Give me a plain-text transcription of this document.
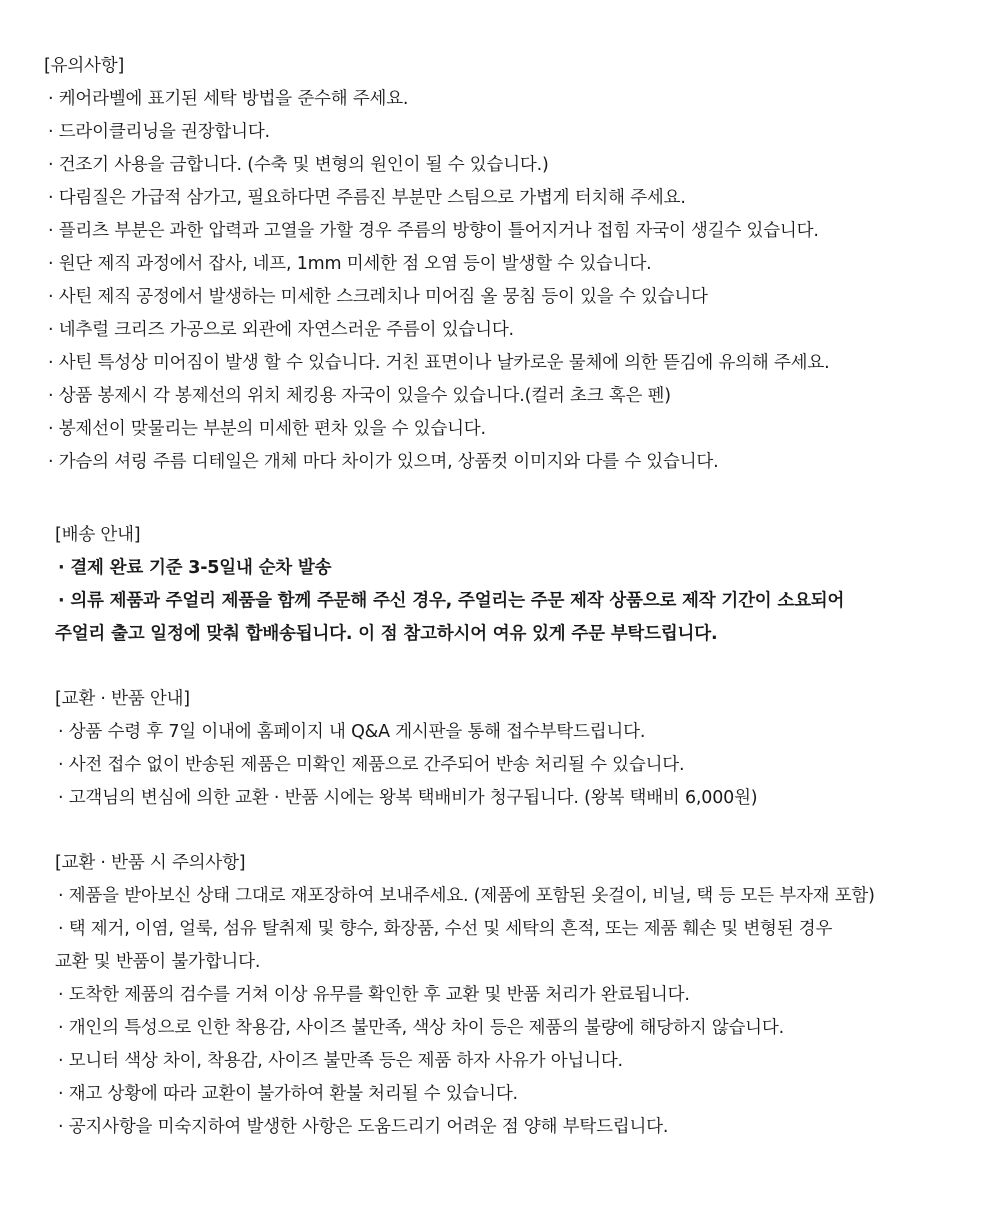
[유의사항]
· 케어라벨에 표기된 세탁 방법을 준수해 주세요.
· 드라이클리닝을 권장합니다.
· 건조기 사용을 금합니다. (수축 및 변형의 원인이 될 수 있습니다.)
· 다림질은 가급적 삼가고, 필요하다면 주름진 부분만 스팀으로 가볍게 터치해 주세요.
· 플리츠 부분은 과한 압력과 고열을 가할 경우 주름의 방향이 틀어지거나 접힘 자국이 생길수 있습니다.
· 원단 제직 과정에서 잡사, 네프, 1mm 미세한 점 오염 등이 발생할 수 있습니다.
· 사틴 제직 공정에서 발생하는 미세한 스크레치나 미어짐 올 뭉침 등이 있을 수 있습니다
· 네추럴 크리즈 가공으로 외관에 자연스러운 주름이 있습니다.
· 사틴 특성상 미어짐이 발생 할 수 있습니다. 거친 표면이나 날카로운 물체에 의한 뜯김에 유의해 주세요.
· 상품 봉제시 각 봉제선의 위치 체킹용 자국이 있을수 있습니다.(컬러 초크 혹은 펜)
· 봉제선이 맞물리는 부분의 미세한 편차 있을 수 있습니다.
· 가슴의 셔링 주름 디테일은 개체 마다 차이가 있으며, 상품컷 이미지와 다를 수 있습니다.
[배송 안내]
· 결제 완료 기준 3-5일내 순차 발송
· 의류 제품과 주얼리 제품을 함께 주문해 주신 경우, 주얼리는 주문 제작 상품으로 제작 기간이 소요되어
주얼리 출고 일정에 맞춰 합배송됩니다. 이 점 참고하시어 여유 있게 주문 부탁드립니다.
[교환 · 반품 안내]
· 상품 수령 후 7일 이내에 홈페이지 내 Q&A 게시판을 통해 접수부탁드립니다.
· 사전 접수 없이 반송된 제품은 미확인 제품으로 간주되어 반송 처리될 수 있습니다.
· 고객님의 변심에 의한 교환 · 반품 시에는 왕복 택배비가 청구됩니다. (왕복 택배비 6,000원)
[교환 · 반품 시 주의사항]
· 제품을 받아보신 상태 그대로 재포장하여 보내주세요. (제품에 포함된 옷걸이, 비닐, 택 등 모든 부자재 포함)
· 택 제거, 이염, 얼룩, 섬유 탈취제 및 향수, 화장품, 수선 및 세탁의 흔적, 또는 제품 훼손 및 변형된 경우
교환 및 반품이 불가합니다.
· 도착한 제품의 검수를 거쳐 이상 유무를 확인한 후 교환 및 반품 처리가 완료됩니다.
· 개인의 특성으로 인한 착용감, 사이즈 불만족, 색상 차이 등은 제품의 불량에 해당하지 않습니다.
· 모니터 색상 차이, 착용감, 사이즈 불만족 등은 제품 하자 사유가 아닙니다.
· 재고 상황에 따라 교환이 불가하여 환불 처리될 수 있습니다.
· 공지사항을 미숙지하여 발생한 사항은 도움드리기 어려운 점 양해 부탁드립니다.
